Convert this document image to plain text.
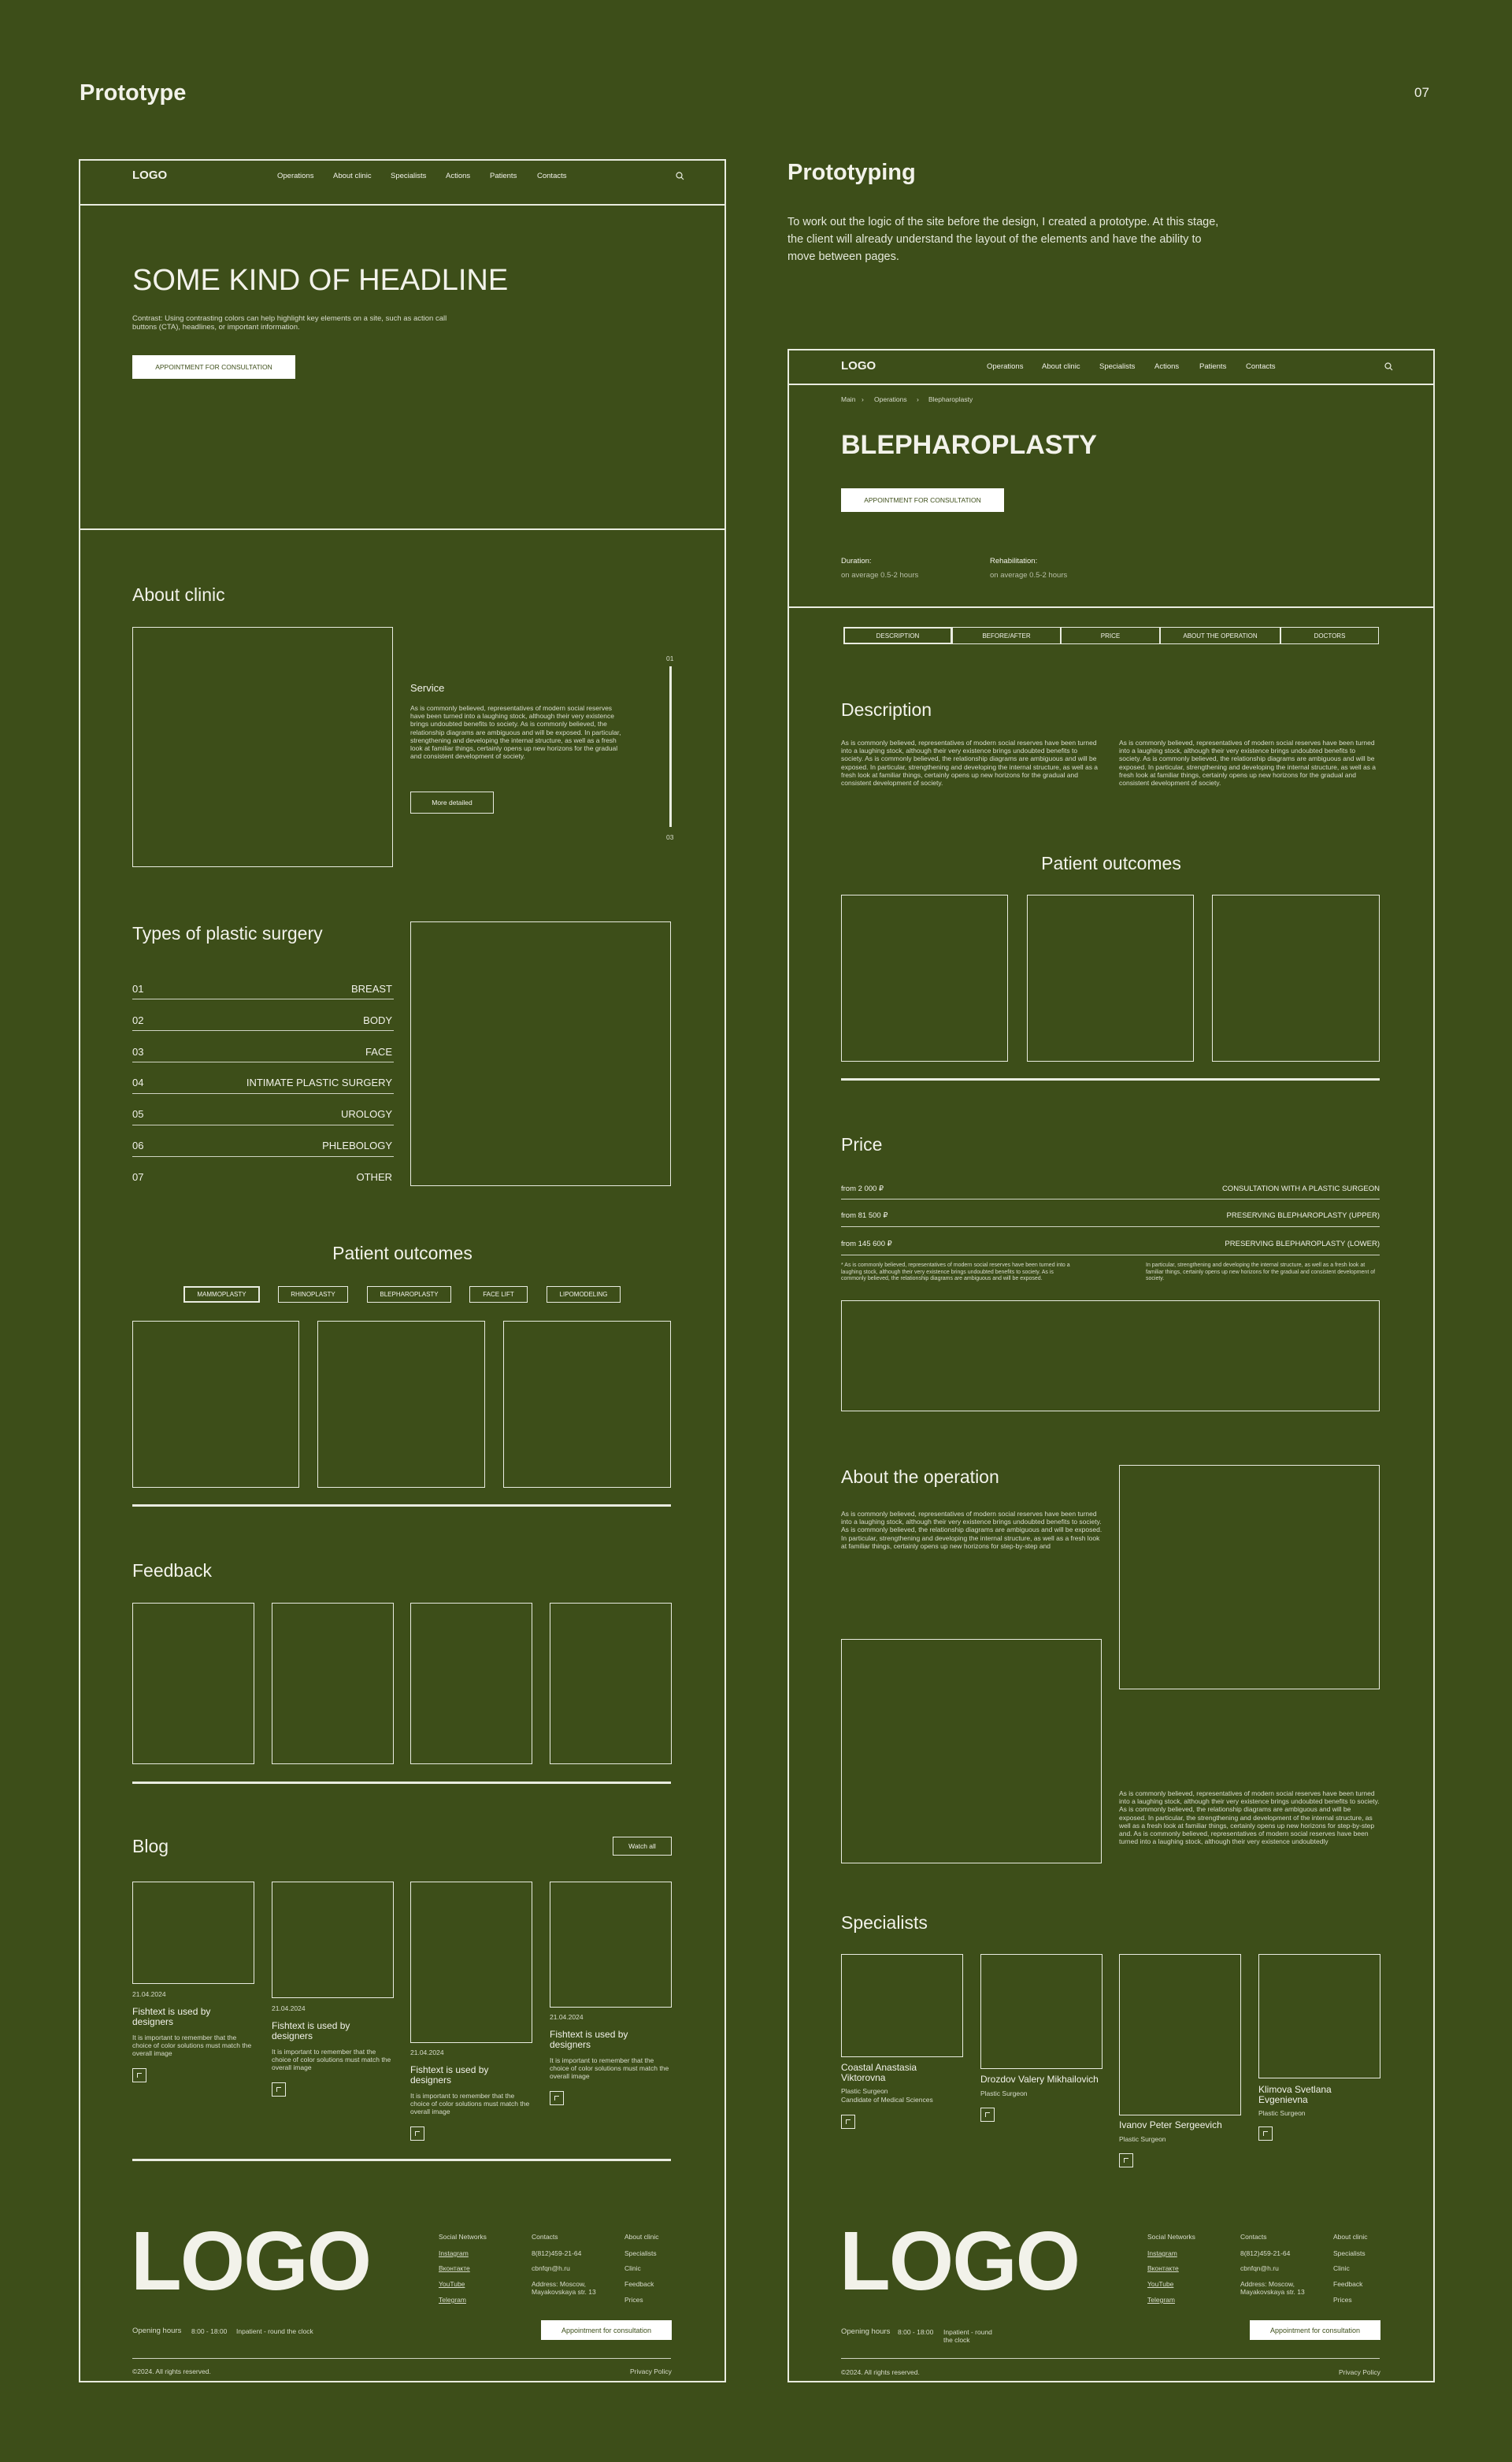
Prototype	07
LOGO	Operations	About clinic	Specialists	Actions	Patients	Contacts
SOME KIND OF HEADLINE
Contrast: Using contrasting colors can help highlight key elements on a site, such as action call buttons (CTA), headlines, or important information.
APPOINTMENT FOR CONSULTATION
About clinic
Service
As is commonly believed, representatives of modern social reserves have been turned into a laughing stock, although their very existence brings undoubted benefits to society. As is commonly believed, the relationship diagrams are ambiguous and will be exposed. In particular, strengthening and developing the internal structure, as well as a fresh look at familiar things, certainly opens up new horizons for the gradual and consistent development of society.
More detailed
01
03
Types of plastic surgery
01	BREAST
02	BODY
03	FACE
04	INTIMATE PLASTIC SURGERY
05	UROLOGY
06	PHLEBOLOGY
07	OTHER
Patient outcomes
MAMMOPLASTY	RHINOPLASTY	BLEPHAROPLASTY	FACE LIFT	LIPOMODELING
Feedback
Blog	Watch all
21.04.2024
Fishtext is used by designers
It is important to remember that the choice of color solutions must match the overall image
21.04.2024
Fishtext is used by designers
It is important to remember that the choice of color solutions must match the overall image
21.04.2024
Fishtext is used by designers
It is important to remember that the choice of color solutions must match the overall image
21.04.2024
Fishtext is used by designers
It is important to remember that the choice of color solutions must match the overall image
LOGO	Social Networks
Instagram
Вконтакте
YouTube
Telegram
Contacts
8(812)459-21-64
cbnfqn@h.ru
Address: Moscow, Mayakovskaya str. 13
About clinic
Specialists
Clinic
Feedback
Prices
Opening hours 8:00 - 18:00 Inpatient - round the clock	Appointment for consultation
©2024. All rights reserved.	Privacy Policy
Prototyping
To work out the logic of the site before the design, I created a prototype. At this stage, the client will already understand the layout of the elements and have the ability to move between pages.
LOGO	Operations About clinic	Specialists	Actions	Patients	Contacts
Main › Operations › Blepharoplasty
BLEPHAROPLASTY
APPOINTMENT FOR CONSULTATION
Duration:
on average 0.5-2 hours
Rehabilitation:
on average 0.5-2 hours
DESCRIPTION	BEFORE/AFTER	PRICE	ABOUT THE OPERATION	DOCTORS
Description
As is commonly believed, representatives of modern social reserves have been turned into a laughing stock, although their very existence brings undoubted benefits to society. As is commonly believed, the relationship diagrams are ambiguous and will be exposed. In particular, strengthening and developing the internal structure, as well as a fresh look at familiar things, certainly opens up new horizons for the gradual and consistent development of society.
As is commonly believed, representatives of modern social reserves have been turned into a laughing stock, although their very existence brings undoubted benefits to society. As is commonly believed, the relationship diagrams are ambiguous and will be exposed. In particular, strengthening and developing the internal structure, as well as a fresh look at familiar things, certainly opens up new horizons for the gradual and consistent development of society.
Patient outcomes
Price
from 2 000 ₽	CONSULTATION WITH A PLASTIC SURGEON
from 81 500 ₽	PRESERVING BLEPHAROPLASTY (UPPER)
from 145 600 ₽	PRESERVING BLEPHAROPLASTY (LOWER)
* As is commonly believed, representatives of modern social reserves have been turned into a laughing stock, although their very existence brings undoubted benefits to society. As is commonly believed, the relationship diagrams are ambiguous and will be exposed.
In particular, strengthening and developing the internal structure, as well as a fresh look at familiar things, certainly opens up new horizons for the gradual and consistent development of society.
About the operation
As is commonly believed, representatives of modern social reserves have been turned into a laughing stock, although their very existence brings undoubted benefits to society. As is commonly believed, the relationship diagrams are ambiguous and will be exposed. In particular, strengthening and developing the internal structure, as well as a fresh look at familiar things, certainly opens up new horizons for step-by-step and
As is commonly believed, representatives of modern social reserves have been turned into a laughing stock, although their very existence brings undoubted benefits to society. As is commonly believed, the relationship diagrams are ambiguous and will be exposed. In particular, the strengthening and development of the internal structure, as well as a fresh look at familiar things, certainly opens up new horizons for step-by-step and. As is commonly believed, representatives of modern social reserves have been turned into a laughing stock, although their very existence undoubtedly
Specialists
Coastal Anastasia Viktorovna
Plastic Surgeon
Candidate of Medical Sciences
Drozdov Valery Mikhailovich
Plastic Surgeon
Ivanov Peter Sergeevich
Plastic Surgeon
Klimova Svetlana Evgenievna
Plastic Surgeon
LOGO	Social Networks
Instagram
Вконтакте
YouTube
Telegram
Contacts
8(812)459-21-64
cbnfqn@h.ru
Address: Moscow, Mayakovskaya str. 13
About clinic
Specialists
Clinic
Feedback
Prices
Opening hours 8:00 - 18:00 Inpatient - round the clock
Appointment for consultation
©2024. All rights reserved.	Privacy Policy
